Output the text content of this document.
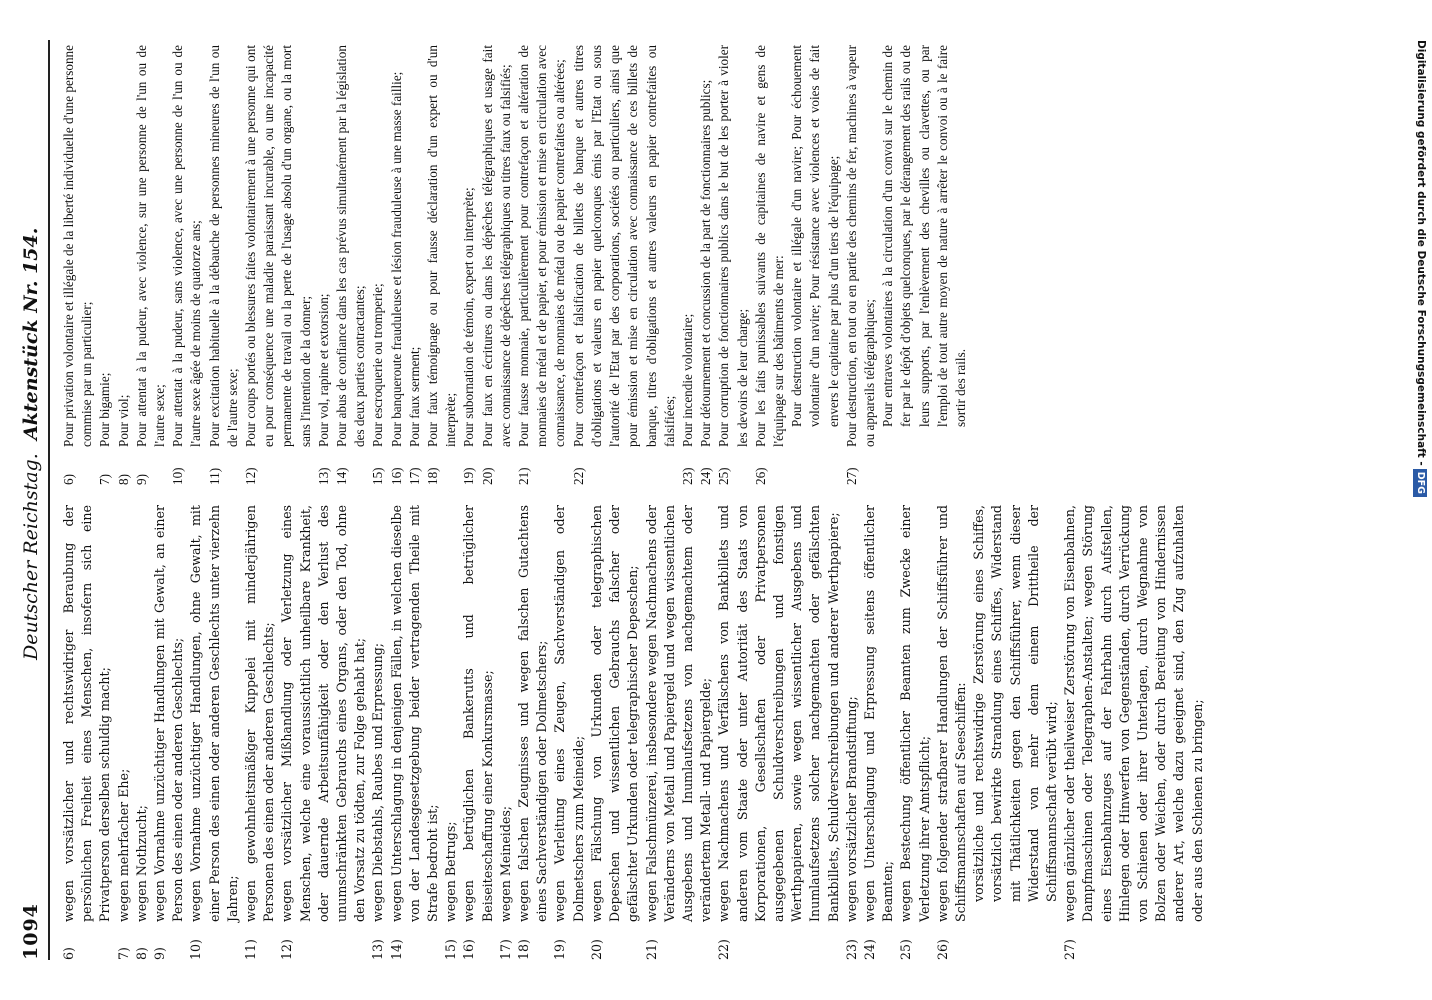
1094
Deutscher Reichstag.
Aktenstück Nr. 154.
6)
wegen vorsätzlicher und rechtswidriger Beraubung der persönlichen Freiheit eines Menschen, insofern sich eine Privatperson derselben schuldig macht;
7)
wegen mehrfacher Ehe;
8)
wegen Nothzucht;
9)
wegen Vornahme unzüchtiger Handlungen mit Gewalt, an einer Person des einen oder anderen Geschlechts;
10)
wegen Vornahme unzüchtiger Handlungen, ohne Gewalt, mit einer Person des einen oder anderen Geschlechts unter vierzehn Jahren;
11)
wegen gewohnheitsmäßiger Kuppelei mit minderjährigen Personen des einen oder anderen Geschlechts;
12)
wegen vorsätzlicher Mißhandlung oder Verletzung eines Menschen, welche eine voraussichtlich unheilbare Krankheit, oder dauernde Arbeitsunfähigkeit oder den Verlust des unumschränkten Gebrauchs eines Organs, oder den Tod, ohne den Vorsatz zu tödten, zur Folge gehabt hat;
13)
wegen Diebstahls, Raubes und Erpressung;
14)
wegen Unterschlagung in denjenigen Fällen, in welchen dieselbe von der Landesgesetzgebung beider vertragenden Theile mit Strafe bedroht ist;
15)
wegen Betrugs;
16)
wegen betrüglichen Bankerutts und betrüglicher Beiseiteschaffung einer Konkursmasse;
17)
wegen Meineides;
18)
wegen falschen Zeugnisses und wegen falschen Gutachtens eines Sachverständigen oder Dolmetschers;
19)
wegen Verleitung eines Zeugen, Sachverständigen oder Dolmetschers zum Meineide;
20)
wegen Fälschung von Urkunden oder telegraphischen Depeschen und wissentlichen Gebrauchs falscher oder gefälschter Urkunden oder telegraphischer Depeschen;
21)
wegen Falschmünzerei, insbesondere wegen Nachmachens oder Veränderns von Metall und Papiergeld und wegen wissentlichen Ausgebens und Inumlaufsetzens von nachgemachtem oder verändertem Metall- und Papiergelde;
22)
wegen Nachmachens und Verfälschens von Bankbillets und anderen vom Staate oder unter Autorität des Staats von Korporationen, Gesellschaften oder Privatpersonen ausgegebenen Schuldverschreibungen und fonstigen Werthpapieren, sowie wegen wissentlicher Ausgebens und Inumlaufsetzens solcher nachgemachten oder gefälschten Bankbillets, Schuldverschreibungen und anderer Werthpapiere;
23)
wegen vorsätzlicher Brandstiftung;
24)
wegen Unterschlagung und Erpressung seitens öffentlicher Beamten;
25)
wegen Bestechung öffentlicher Beamten zum Zwecke einer Verletzung ihrer Amtspflicht;
26)
wegen folgender strafbarer Handlungen der Schiffsführer und Schiffsmannschaften auf Seeschiffen: vorsätzliche und rechtswidrige Zerstörung eines Schiffes, vorsätzlich bewirkte Strandung eines Schiffes, Widerstand mit Thätlichkeiten gegen den Schiffsführer, wenn dieser Widerstand von mehr denn einem Drittheile der Schiffsmannschaft verübt wird;
27)
wegen gänzlicher oder theilweiser Zerstörung von Eisenbahnen, Dampfmaschinen oder Telegraphen-Anstalten; wegen Störung eines Eisenbahnzuges auf der Fahrbahn durch Aufstellen, Hinlegen oder Hinwerfen von Gegenständen, durch Verrückung von Schienen oder ihrer Unterlagen, durch Wegnahme von Bolzen oder Weichen, oder durch Bereitung von Hindernissen anderer Art, welche dazu geeignet sind, den Zug aufzuhalten oder aus den Schienen zu bringen;
6)
Pour privation volontaire et illégale de la liberté individuelle d'une personne commise par un particulier;
7)
Pour bigamie;
8)
Pour viol;
9)
Pour attentat à la pudeur, avec violence, sur une personne de l'un ou de l'autre sexe;
10)
Pour attentat à la pudeur, sans violence, avec une personne de l'un ou de l'autre sexe âgée de moins de quatorze ans;
11)
Pour excitation habituelle à la débauche de personnes mineures de l'un ou de l'autre sexe;
12)
Pour coups portés ou blessures faites volontairement à une personne qui ont eu pour conséquence une maladie paraissant incurable, ou une incapacité permanente de travail ou la perte de l'usage absolu d'un organe, ou la mort sans l'intention de la donner;
13)
Pour vol, rapine et extorsion;
14)
Pour abus de confiance dans les cas prévus simultanément par la législation des deux parties contractantes;
15)
Pour escroquerie ou tromperie;
16)
Pour banqueroute frauduleuse et lésion frauduleuse à une masse faillie;
17)
Pour faux serment;
18)
Pour faux témoignage ou pour fausse déclaration d'un expert ou d'un interprète;
19)
Pour subornation de témoin, expert ou interprète;
20)
Pour faux en écritures ou dans les dépêches télégraphiques et usage fait avec connaissance de dépêches télégraphiques ou titres faux ou falsifiés;
21)
Pour fausse monnaie, particulièrement pour contrefaçon et altération de monnaies de métal et de papier, et pour émission et mise en circulation avec connaissance, de monnaies de métal ou de papier contrefaites ou altérées;
22)
Pour contrefaçon et falsification de billets de banque et autres titres d'obligations et valeurs en papier quelconques émis par l'Etat ou sous l'autorité de l'Etat par des corporations, sociétés ou particuliers, ainsi que pour émission et mise en circulation avec connaissance de ces billets de banque, titres d'obligations et autres valeurs en papier contrefaites ou falsifiées;
23)
Pour incendie volontaire;
24)
Pour détournement et concussion de la part de fonctionnaires publics;
25)
Pour corruption de fonctionnaires publics dans le but de les porter à violer les devoirs de leur charge;
26)
Pour les faits punissables suivants de capitaines de navire et gens de l'équipage sur des bâtiments de mer: Pour destruction volontaire et illégale d'un navire; Pour échouement volontaire d'un navire; Pour résistance avec violences et voies de fait envers le capitaine par plus d'un tiers de l'équipage;
27)
Pour destruction, en tout ou en partie des chemins de fer, machines à vapeur ou appareils télégraphiques; Pour entraves volontaires à la circulation d'un convoi sur le chemin de fer par le dépôt d'objets quelconques, par le dérangement des rails ou de leurs supports, par l'enlèvement des chevilles ou clavettes, ou par l'emploi de tout autre moyen de nature à arrêter le convoi ou à le faire sortir des rails.	Digitalisierung gefördert durch die Deutsche Forschungsgemeinschaft -DFG
